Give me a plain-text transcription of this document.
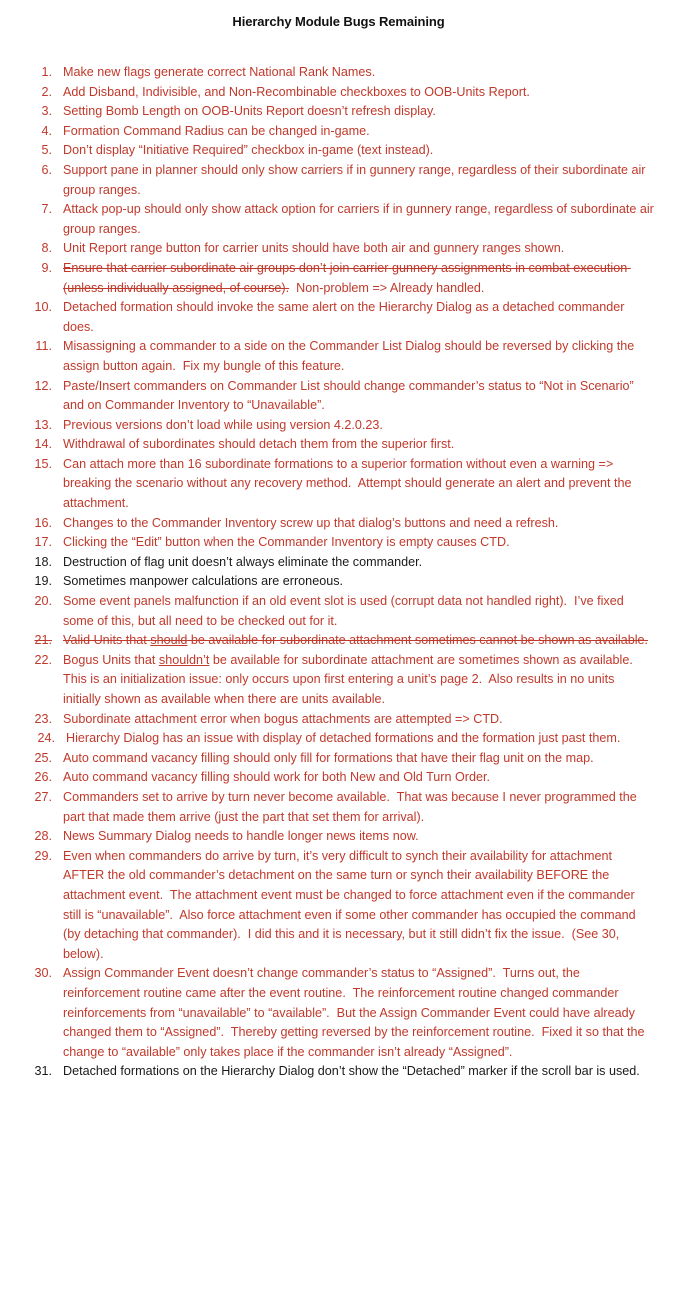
Hierarchy Module Bugs Remaining
1. Make new flags generate correct National Rank Names.
2. Add Disband, Indivisible, and Non-Recombinable checkboxes to OOB-Units Report.
3. Setting Bomb Length on OOB-Units Report doesn’t refresh display.
4. Formation Command Radius can be changed in-game.
5. Don’t display “Initiative Required” checkbox in-game (text instead).
6. Support pane in planner should only show carriers if in gunnery range, regardless of their subordinate air group ranges.
7. Attack pop-up should only show attack option for carriers if in gunnery range, regardless of subordinate air group ranges.
8. Unit Report range button for carrier units should have both air and gunnery ranges shown.
9. Ensure that carrier subordinate air groups don’t join carrier gunnery assignments in combat execution (unless individually assigned, of course).  Non-problem => Already handled.
10. Detached formation should invoke the same alert on the Hierarchy Dialog as a detached commander does.
11. Misassigning a commander to a side on the Commander List Dialog should be reversed by clicking the assign button again.  Fix my bungle of this feature.
12. Paste/Insert commanders on Commander List should change commander’s status to “Not in Scenario” and on Commander Inventory to “Unavailable”.
13. Previous versions don’t load while using version 4.2.0.23.
14. Withdrawal of subordinates should detach them from the superior first.
15. Can attach more than 16 subordinate formations to a superior formation without even a warning => breaking the scenario without any recovery method.  Attempt should generate an alert and prevent the attachment.
16. Changes to the Commander Inventory screw up that dialog’s buttons and need a refresh.
17. Clicking the “Edit” button when the Commander Inventory is empty causes CTD.
18. Destruction of flag unit doesn’t always eliminate the commander.
19. Sometimes manpower calculations are erroneous.
20. Some event panels malfunction if an old event slot is used (corrupt data not handled right).  I’ve fixed some of this, but all need to be checked out for it.
21. Valid Units that should be available for subordinate attachment sometimes cannot be shown as available.
22. Bogus Units that shouldn’t be available for subordinate attachment are sometimes shown as available.  This is an initialization issue: only occurs upon first entering a unit’s page 2.  Also results in no units initially shown as available when there are units available.
23. Subordinate attachment error when bogus attachments are attempted => CTD.
24. Hierarchy Dialog has an issue with display of detached formations and the formation just past them.
25. Auto command vacancy filling should only fill for formations that have their flag unit on the map.
26. Auto command vacancy filling should work for both New and Old Turn Order.
27. Commanders set to arrive by turn never become available.  That was because I never programmed the part that made them arrive (just the part that set them for arrival).
28. News Summary Dialog needs to handle longer news items now.
29. Even when commanders do arrive by turn, it’s very difficult to synch their availability for attachment AFTER the old commander’s detachment on the same turn or synch their availability BEFORE the attachment event.  The attachment event must be changed to force attachment even if the commander still is “unavailable”.  Also force attachment even if some other commander has occupied the command (by detaching that commander).  I did this and it is necessary, but it still didn’t fix the issue.  (See 30, below).
30. Assign Commander Event doesn’t change commander’s status to “Assigned”.  Turns out, the reinforcement routine came after the event routine.  The reinforcement routine changed commander reinforcements from “unavailable” to “available”.  But the Assign Commander Event could have already changed them to “Assigned”.  Thereby getting reversed by the reinforcement routine.  Fixed it so that the change to “available” only takes place if the commander isn’t already “Assigned”.
31. Detached formations on the Hierarchy Dialog don’t show the “Detached” marker if the scroll bar is used.
